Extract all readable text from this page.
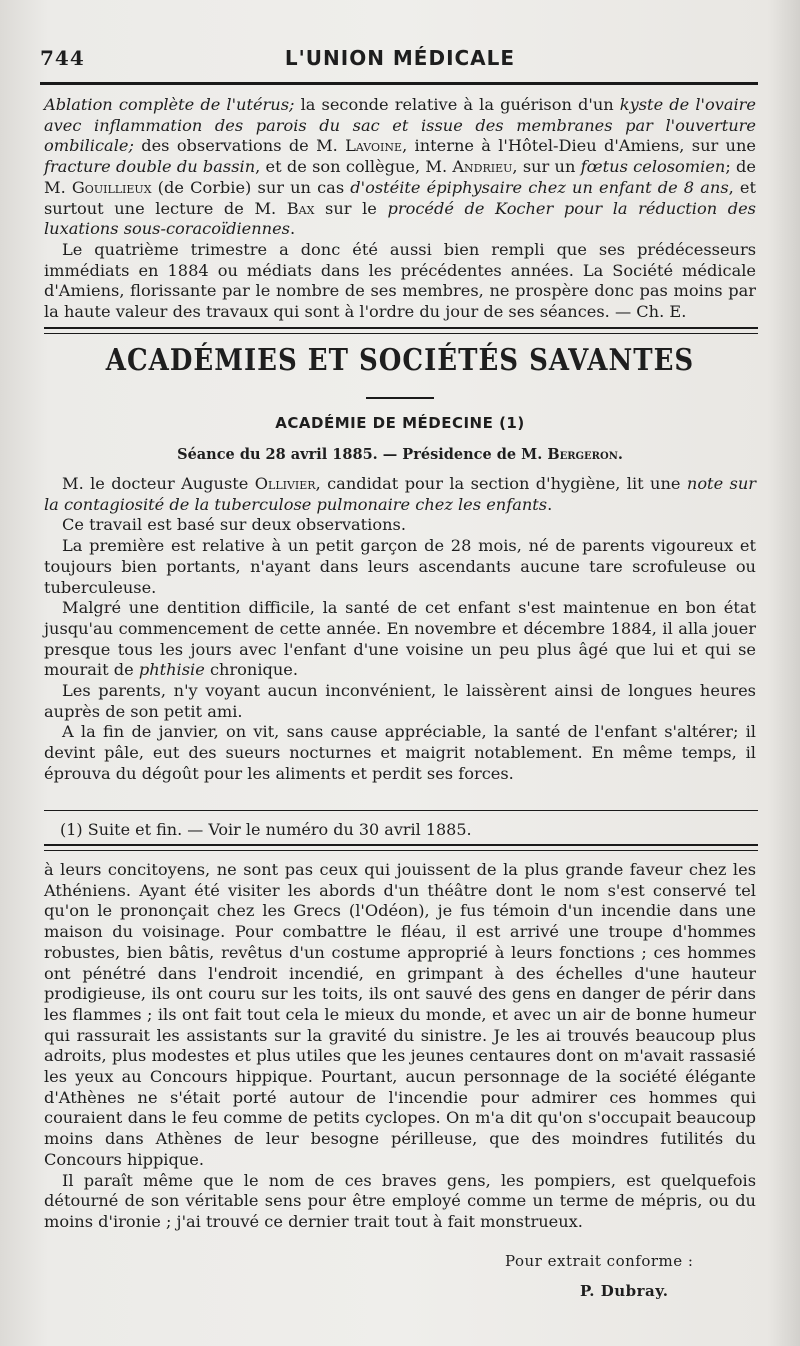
744	L'UNION MÉDICALE

Ablation complète de l'utérus; la seconde relative à la guérison d'un kyste de l'ovaire avec inflammation des parois du sac et issue des membranes par l'ouverture ombilicale; des observations de M. Lavoine, interne à l'Hôtel-Dieu d'Amiens, sur une fracture double du bassin, et de son collègue, M. Andrieu, sur un fœtus celosomien; de M. Gouillieux (de Corbie) sur un cas d'ostéite épiphysaire chez un enfant de 8 ans, et surtout une lecture de M. Bax sur le procédé de Kocher pour la réduction des luxations sous-coracoïdiennes.

Le quatrième trimestre a donc été aussi bien rempli que ses prédécesseurs immédiats en 1884 ou médiats dans les précédentes années. La Société médicale d'Amiens, florissante par le nombre de ses membres, ne prospère donc pas moins par la haute valeur des travaux qui sont à l'ordre du jour de ses séances. — Ch. E.

ACADÉMIES ET SOCIÉTÉS SAVANTES
ACADÉMIE DE MÉDECINE (1)
Séance du 28 avril 1885. — Présidence de M. Bergeron.

M. le docteur Auguste Ollivier, candidat pour la section d'hygiène, lit une note sur la contagiosité de la tuberculose pulmonaire chez les enfants.

Ce travail est basé sur deux observations.

La première est relative à un petit garçon de 28 mois, né de parents vigoureux et toujours bien portants, n'ayant dans leurs ascendants aucune tare scrofuleuse ou tuberculeuse.

Malgré une dentition difficile, la santé de cet enfant s'est maintenue en bon état jusqu'au commencement de cette année. En novembre et décembre 1884, il alla jouer presque tous les jours avec l'enfant d'une voisine un peu plus âgé que lui et qui se mourait de phthisie chronique.

Les parents, n'y voyant aucun inconvénient, le laissèrent ainsi de longues heures auprès de son petit ami.

A la fin de janvier, on vit, sans cause appréciable, la santé de l'enfant s'altérer; il devint pâle, eut des sueurs nocturnes et maigrit notablement. En même temps, il éprouva du dégoût pour les aliments et perdit ses forces.

(1) Suite et fin. — Voir le numéro du 30 avril 1885.

à leurs concitoyens, ne sont pas ceux qui jouissent de la plus grande faveur chez les Athéniens. Ayant été visiter les abords d'un théâtre dont le nom s'est conservé tel qu'on le prononçait chez les Grecs (l'Odéon), je fus témoin d'un incendie dans une maison du voisinage. Pour combattre le fléau, il est arrivé une troupe d'hommes robustes, bien bâtis, revêtus d'un costume approprié à leurs fonctions ; ces hommes ont pénétré dans l'endroit incendié, en grimpant à des échelles d'une hauteur prodigieuse, ils ont couru sur les toits, ils ont sauvé des gens en danger de périr dans les flammes ; ils ont fait tout cela le mieux du monde, et avec un air de bonne humeur qui rassurait les assistants sur la gravité du sinistre. Je les ai trouvés beaucoup plus adroits, plus modestes et plus utiles que les jeunes centaures dont on m'avait rassasié les yeux au Concours hippique. Pourtant, aucun personnage de la société élégante d'Athènes ne s'était porté autour de l'incendie pour admirer ces hommes qui couraient dans le feu comme de petits cyclopes. On m'a dit qu'on s'occupait beaucoup moins dans Athènes de leur besogne périlleuse, que des moindres futilités du Concours hippique.

Il paraît même que le nom de ces braves gens, les pompiers, est quelquefois détourné de son véritable sens pour être employé comme un terme de mépris, ou du moins d'ironie ; j'ai trouvé ce dernier trait tout à fait monstrueux.

Pour extrait conforme :
P. Dubray.
